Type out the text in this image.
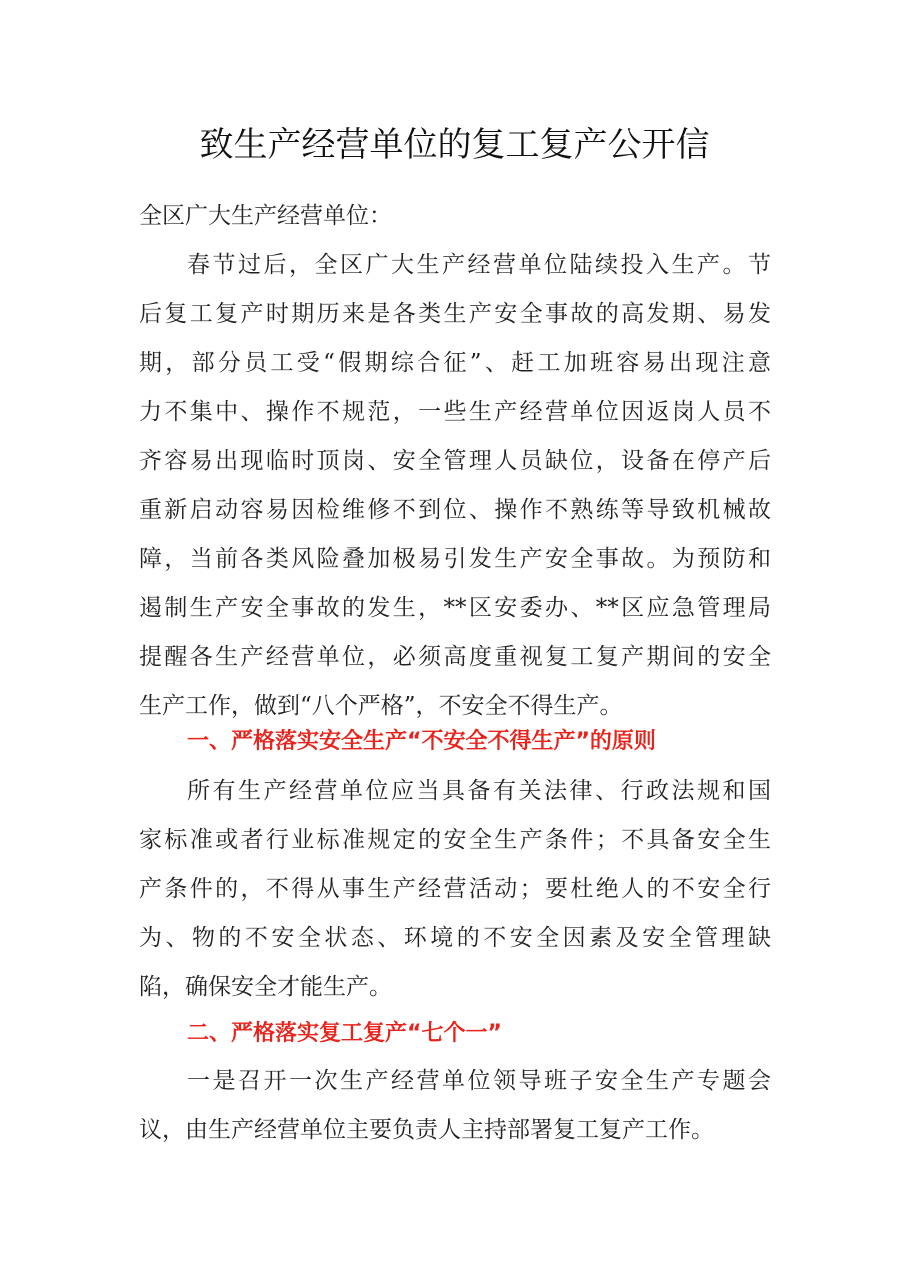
致生产经营单位的复工复产公开信
全区广大生产经营单位：
春节过后，全区广大生产经营单位陆续投入生产。节
后复工复产时期历来是各类生产安全事故的高发期、易发
期，部分员工受“假期综合征”、赶工加班容易出现注意
力不集中、操作不规范，一些生产经营单位因返岗人员不
齐容易出现临时顶岗、安全管理人员缺位，设备在停产后
重新启动容易因检维修不到位、操作不熟练等导致机械故
障，当前各类风险叠加极易引发生产安全事故。为预防和
遏制生产安全事故的发生，**区安委办、**区应急管理局
提醒各生产经营单位，必须高度重视复工复产期间的安全
生产工作，做到“八个严格”，不安全不得生产。
一、严格落实安全生产“不安全不得生产”的原则
所有生产经营单位应当具备有关法律、行政法规和国
家标准或者行业标准规定的安全生产条件；不具备安全生
产条件的，不得从事生产经营活动；要杜绝人的不安全行
为、物的不安全状态、环境的不安全因素及安全管理缺
陷，确保安全才能生产。
二、严格落实复工复产“七个一”
一是召开一次生产经营单位领导班子安全生产专题会
议，由生产经营单位主要负责人主持部署复工复产工作。
